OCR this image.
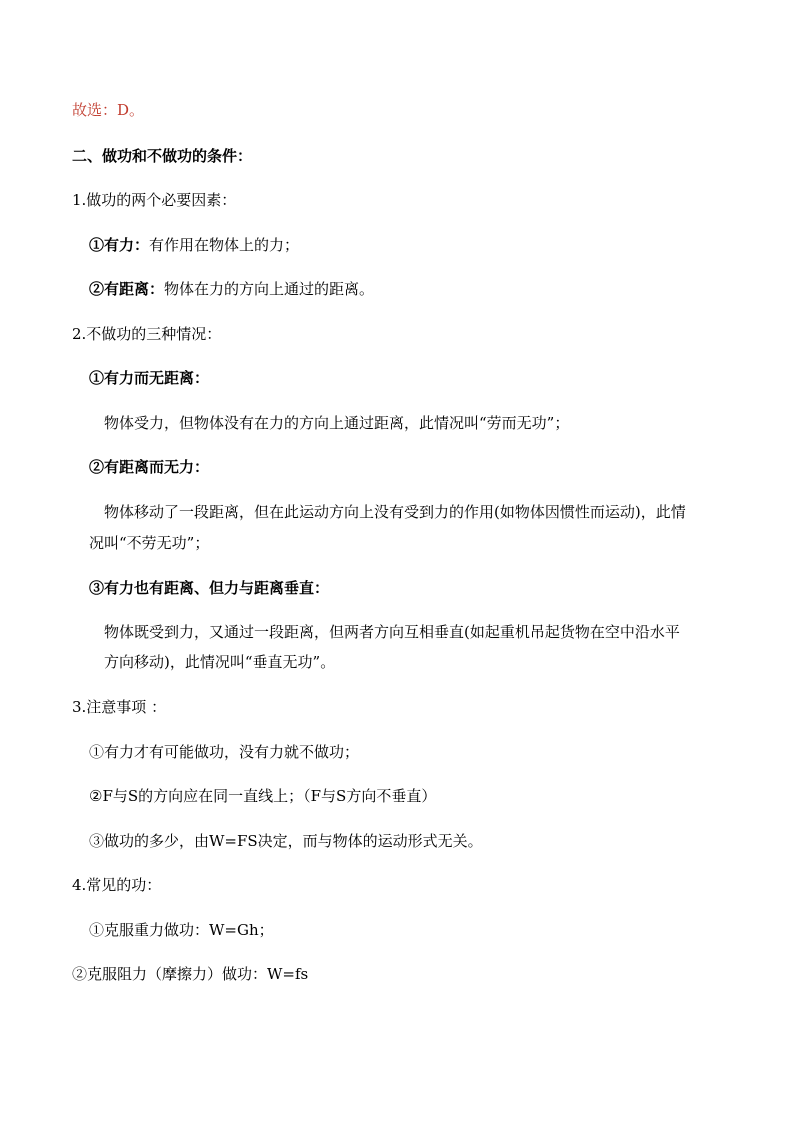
故选：D。
二、做功和不做功的条件：
1.做功的两个必要因素：
①有力：有作用在物体上的力；
②有距离：物体在力的方向上通过的距离。
2.不做功的三种情况：
①有力而无距离：
物体受力，但物体没有在力的方向上通过距离，此情况叫“劳而无功”；
②有距离而无力：
物体移动了一段距离，但在此运动方向上没有受到力的作用(如物体因惯性而运动)，此情
况叫“不劳无功”；
③有力也有距离、但力与距离垂直：
物体既受到力，又通过一段距离，但两者方向互相垂直(如起重机吊起货物在空中沿水平
方向移动)，此情况叫“垂直无功”。
3.注意事项 ：
①有力才有可能做功，没有力就不做功；
②F与S的方向应在同一直线上；（F与S方向不垂直）
③做功的多少，由W=FS决定，而与物体的运动形式无关。
4.常见的功：
①克服重力做功：W=Gh；
②克服阻力（摩擦力）做功：W=fs
